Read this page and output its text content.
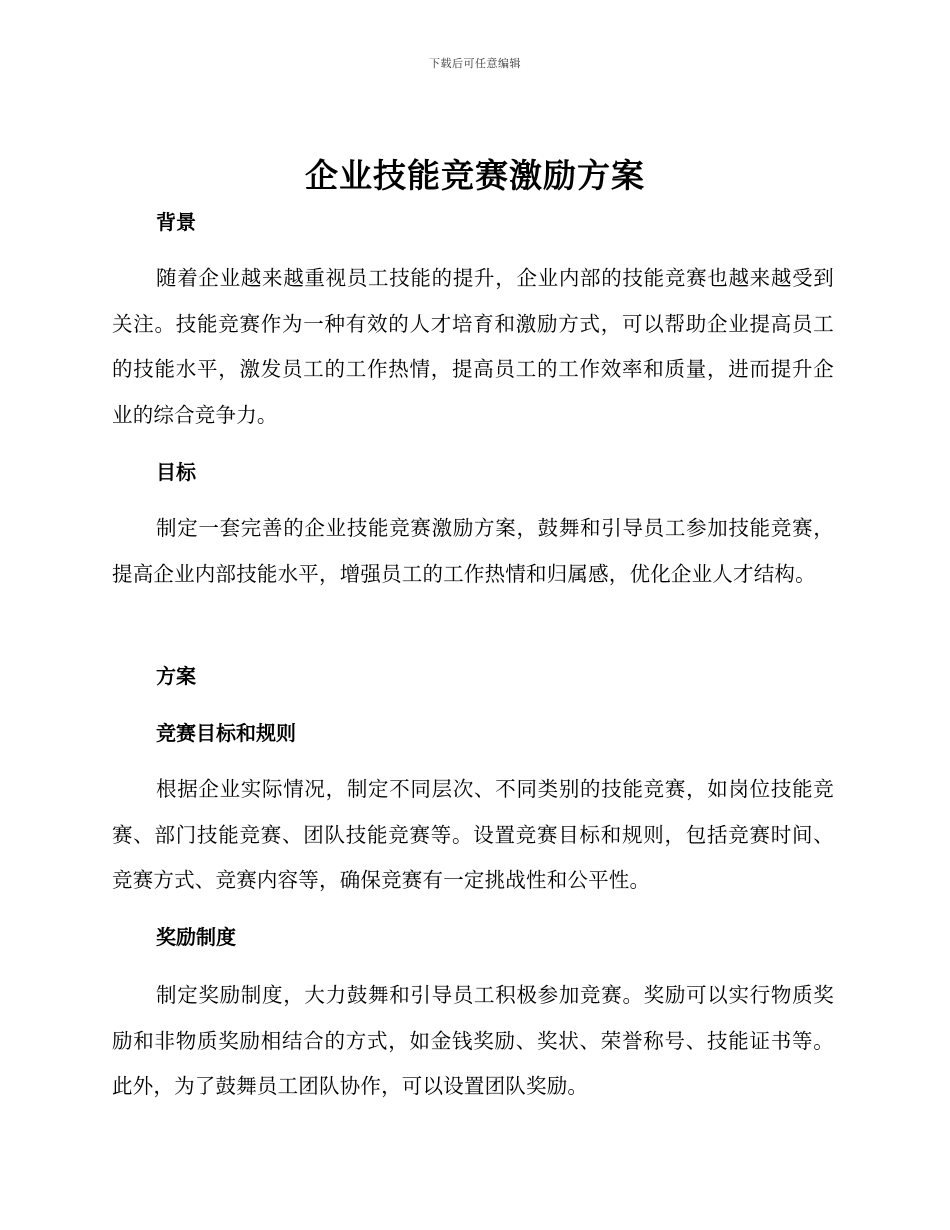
下载后可任意编辑
企业技能竞赛激励方案
背景
随着企业越来越重视员工技能的提升，企业内部的技能竞赛也越来越受到关注。技能竞赛作为一种有效的人才培育和激励方式，可以帮助企业提高员工的技能水平，激发员工的工作热情，提高员工的工作效率和质量，进而提升企业的综合竞争力。
目标
制定一套完善的企业技能竞赛激励方案，鼓舞和引导员工参加技能竞赛，提高企业内部技能水平，增强员工的工作热情和归属感，优化企业人才结构。
方案
竞赛目标和规则
根据企业实际情况，制定不同层次、不同类别的技能竞赛，如岗位技能竞赛、部门技能竞赛、团队技能竞赛等。设置竞赛目标和规则，包括竞赛时间、竞赛方式、竞赛内容等，确保竞赛有一定挑战性和公平性。
奖励制度
制定奖励制度，大力鼓舞和引导员工积极参加竞赛。奖励可以实行物质奖励和非物质奖励相结合的方式，如金钱奖励、奖状、荣誉称号、技能证书等。此外，为了鼓舞员工团队协作，可以设置团队奖励。
